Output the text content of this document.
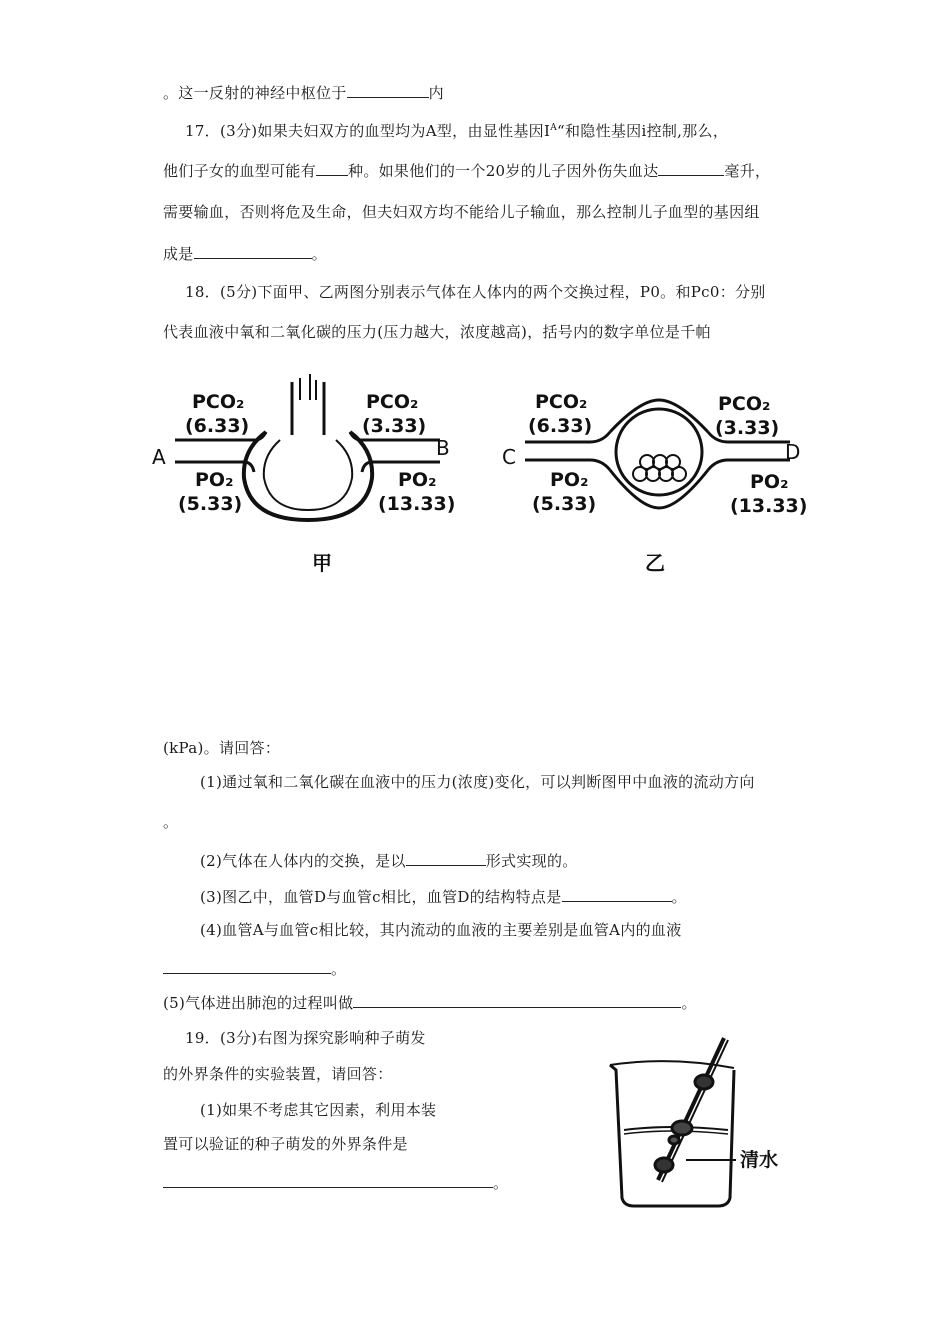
。这一反射的神经中枢位于	内
17．(3分)如果夫妇双方的血型均为A型，由显性基因$I^A“$和隐性基因i控制,那么，
他们子女的血型可能有 种。如果他们的一个20岁的儿子因外伤失血达	毫升，
需要输血，否则将危及生命，但夫妇双方均不能给儿子输血，那么控制儿子血型的基因组
成是	。
18．(5分)下面甲、乙两图分别表示气体在人体内的两个交换过程，P0。和Pc0：分别
代表血液中氧和二氧化碳的压力(压力越大，浓度越高)，括号内的数字单位是千帕
PCO₂
(6.33)
PCO₂
(3.33)
PO₂
(5.33)
PO₂
(13.33)
A	B
甲
PCO₂
(6.33)
PCO₂
(3.33)
PO₂
(5.33)
PO₂
(13.33)
C	D
乙
(kPa)。请回答：
(1)通过氧和二氧化碳在血液中的压力(浓度)变化，可以判断图甲中血液的流动方向
。
(2)气体在人体内的交换，是以	形式实现的。
(3)图乙中，血管D与血管c相比，血管D的结构特点是	。
(4)血管A与血管c相比较，其内流动的血液的主要差别是血管A内的血液
。
(5)气体进出肺泡的过程叫做	。
19．(3分)右图为探究影响种子萌发
的外界条件的实验装置，请回答：
(1)如果不考虑其它因素，利用本装
置可以验证的种子萌发的外界条件是
。
清水
